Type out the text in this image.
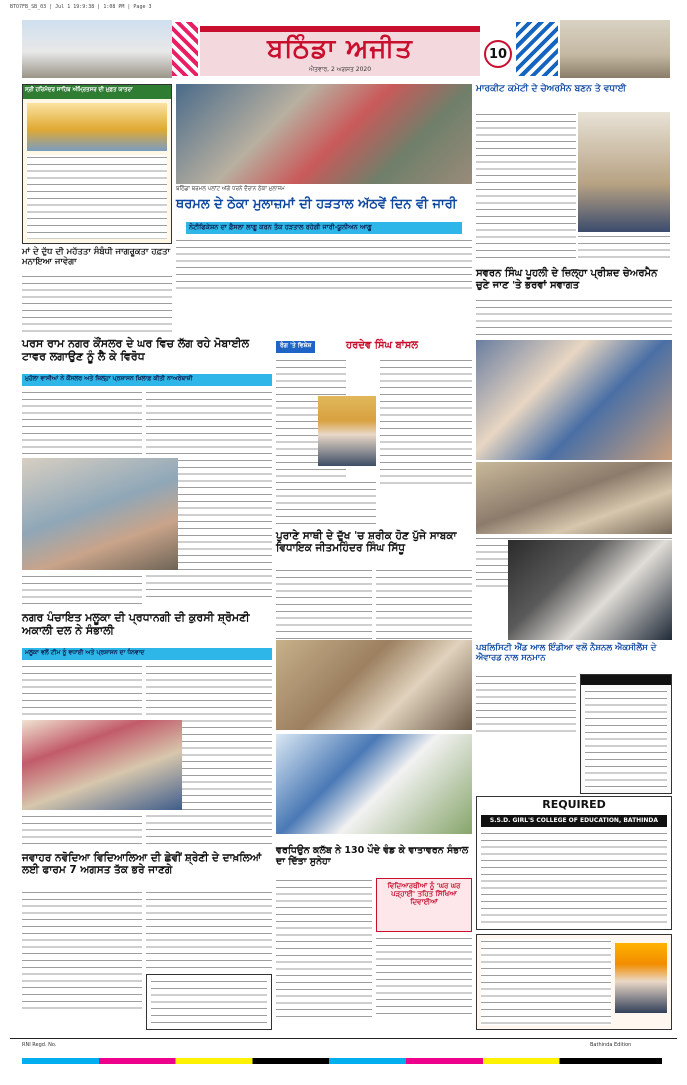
BTO7FB_SB_03 | Jul 1 19:9:38 | 1:08 PM | Page 3
ਬਠਿੰਡਾ ਅਜੀਤ
ਐਤਵਾਰ, 2 ਅਗਸਤ 2020
10
ਸ੍ਰੀ ਹਰਿਮੰਦਰ ਸਾਹਿਬ ਅੰਮ੍ਰਿਤਸਰ ਦੀ ਮੁਫ਼ਤ ਯਾਤਰਾ
ਬਠਿੰਡਾ ਥਰਮਲ ਪਲਾਂਟ ਅੱਗੇ ਧਰਨੇ ਦੌਰਾਨ ਠੇਕਾ ਮੁਲਾਜ਼ਮ
ਮਾਰਕੀਟ ਕਮੇਟੀ ਦੇ ਚੇਅਰਮੈਨ ਬਣਨ ਤੇ ਵਧਾਈ
ਥਰਮਲ ਦੇ ਠੇਕਾ ਮੁਲਾਜ਼ਮਾਂ ਦੀ ਹੜਤਾਲ ਅੱਠਵੇਂ ਦਿਨ ਵੀ ਜਾਰੀ
ਨੋਟੀਫਿਕੇਸ਼ਨ ਦਾ ਫ਼ੈਸਲਾ ਲਾਗੂ ਕਰਨ ਤੱਕ ਹੜਤਾਲ ਰਹੇਗੀ ਜਾਰੀ-ਯੂਨੀਅਨ ਆਗੂ
ਮਾਂ ਦੇ ਦੁੱਧ ਦੀ ਮਹੱਤਤਾ ਸੰਬੰਧੀ ਜਾਗਰੂਕਤਾ ਹਫ਼ਤਾ ਮਨਾਇਆ ਜਾਵੇਗਾ
ਸਵਰਨ ਸਿੰਘ ਪੂਹਲੀ ਦੇ ਜ਼ਿਲ੍ਹਾ ਪ੍ਰੀਸ਼ਦ ਚੇਅਰਮੈਨ ਚੁਣੇ ਜਾਣ 'ਤੇ ਭਰਵਾਂ ਸਵਾਗਤ
ਪਰਸ ਰਾਮ ਨਗਰ ਕੌਂਸਲਰ ਦੇ ਘਰ ਵਿਚ ਲੱਗ ਰਹੇ ਮੋਬਾਈਲ ਟਾਵਰ ਲਗਾਉਣ ਨੂੰ ਲੈ ਕੇ ਵਿਰੋਧ
ਮੁਹੱਲਾ ਵਾਸੀਆਂ ਨੇ ਕੌਂਸਲਰ ਅਤੇ ਜ਼ਿਲ੍ਹਾ ਪ੍ਰਸ਼ਾਸਨ ਖ਼ਿਲਾਫ਼ ਕੀਤੀ ਨਾਅਰੇਬਾਜ਼ੀ
ਰੰਗ 'ਤੇ ਵਿਸ਼ੇਸ਼	ਹਰਦੇਵ ਸਿੰਘ ਬਾਂਸਲ
ਪੁਰਾਣੇ ਸਾਥੀ ਦੇ ਦੁੱਖ 'ਚ ਸ਼ਰੀਕ ਹੋਣ ਪੁੱਜੇ ਸਾਬਕਾ ਵਿਧਾਇਕ ਜੀਤਮਹਿੰਦਰ ਸਿੰਘ ਸਿੱਧੂ
ਪਬਲਿਸਿਟੀ ਐਂਡ ਆਲ ਇੰਡੀਆ ਵਲੋਂ ਨੈਸ਼ਨਲ ਐਕਸੀਲੈਂਸ ਦੇ ਐਵਾਰਡ ਨਾਲ ਸਨਮਾਨ
ਨਗਰ ਪੰਚਾਇਤ ਮਲੂਕਾ ਦੀ ਪ੍ਰਧਾਨਗੀ ਦੀ ਕੁਰਸੀ ਸ਼੍ਰੋਮਣੀ ਅਕਾਲੀ ਦਲ ਨੇ ਸੰਭਾਲੀ
ਮਲੂਕਾ ਵਲੋਂ ਟੀਮ ਨੂੰ ਵਧਾਈ ਅਤੇ ਪ੍ਰਸ਼ਾਸਨ ਦਾ ਧੰਨਵਾਦ
ਵਰਧਿਉਨ ਕਲੱਬ ਨੇ 130 ਪੌਦੇ ਵੰਡ ਕੇ ਵਾਤਾਵਰਨ ਸੰਭਾਲ ਦਾ ਦਿੱਤਾ ਸੁਨੇਹਾ
ਵਿਦਿਆਰਥੀਆਂ ਨੂੰ 'ਘਰ ਘਰ ਪੜ੍ਹਾਈ' ਤਹਿਤ ਸਿੱਖਿਆ ਦਿਵਾਈਆਂ
ਜਵਾਹਰ ਨਵੋਦਿਆ ਵਿਦਿਆਲਿਆ ਦੀ ਛੇਵੀਂ ਸ਼੍ਰੇਣੀ ਦੇ ਦਾਖ਼ਲਿਆਂ ਲਈ ਫਾਰਮ 7 ਅਗਸਤ ਤੱਕ ਭਰੇ ਜਾਣਗੇ
REQUIRED
S.S.D. GIRL'S COLLEGE OF EDUCATION, BATHINDA
RNI Regd. No.	Bathinda Edition
